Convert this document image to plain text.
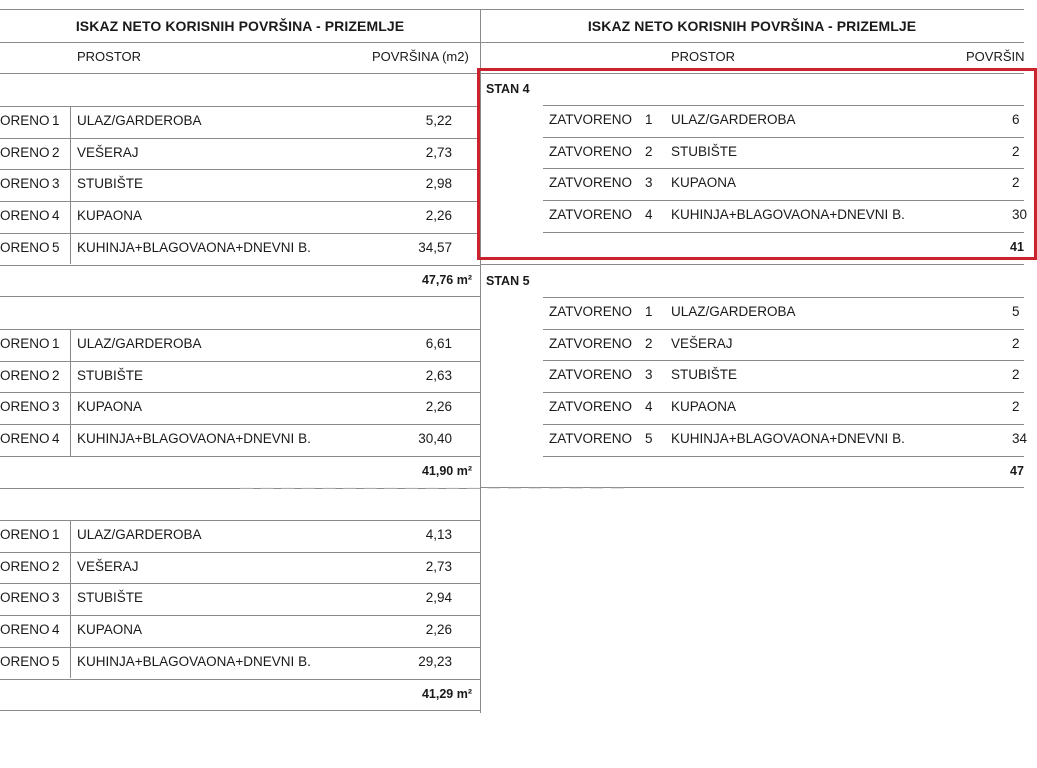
ISKAZ NETO KORISNIH POVRŠINA - PRIZEMLJE
PROSTOR	POVRŠINA (m2)
ORENO 1 ULAZ/GARDEROBA	5,22
ORENO 2 VEŠERAJ	2,73
ORENO 3 STUBIŠTE	2,98
ORENO 4 KUPAONA	2,26
ORENO 5 KUHINJA+BLAGOVAONA+DNEVNI B.	34,57
47,76 m²
ORENO 1 ULAZ/GARDEROBA	6,61
ORENO 2 STUBIŠTE	2,63
ORENO 3 KUPAONA	2,26
ORENO 4 KUHINJA+BLAGOVAONA+DNEVNI B.	30,40
41,90 m²
ORENO 1 ULAZ/GARDEROBA	4,13
ORENO 2 VEŠERAJ	2,73
ORENO 3 STUBIŠTE	2,94
ORENO 4 KUPAONA	2,26
ORENO 5 KUHINJA+BLAGOVAONA+DNEVNI B.	29,23
41,29 m²
ISKAZ NETO KORISNIH POVRŠINA - PRIZEMLJE
PROSTOR	POVRŠIN
STAN 4
ZATVORENO 1 ULAZ/GARDEROBA	6
ZATVORENO 2 STUBIŠTE	2
ZATVORENO 3 KUPAONA	2
ZATVORENO 4 KUHINJA+BLAGOVAONA+DNEVNI B.	30
41
STAN 5
ZATVORENO 1 ULAZ/GARDEROBA	5
ZATVORENO 2 VEŠERAJ	2
ZATVORENO 3 STUBIŠTE	2
ZATVORENO 4 KUPAONA	2
ZATVORENO 5 KUHINJA+BLAGOVAONA+DNEVNI B.	34
47
— — — — — — — — — — — — — — — — — — —
